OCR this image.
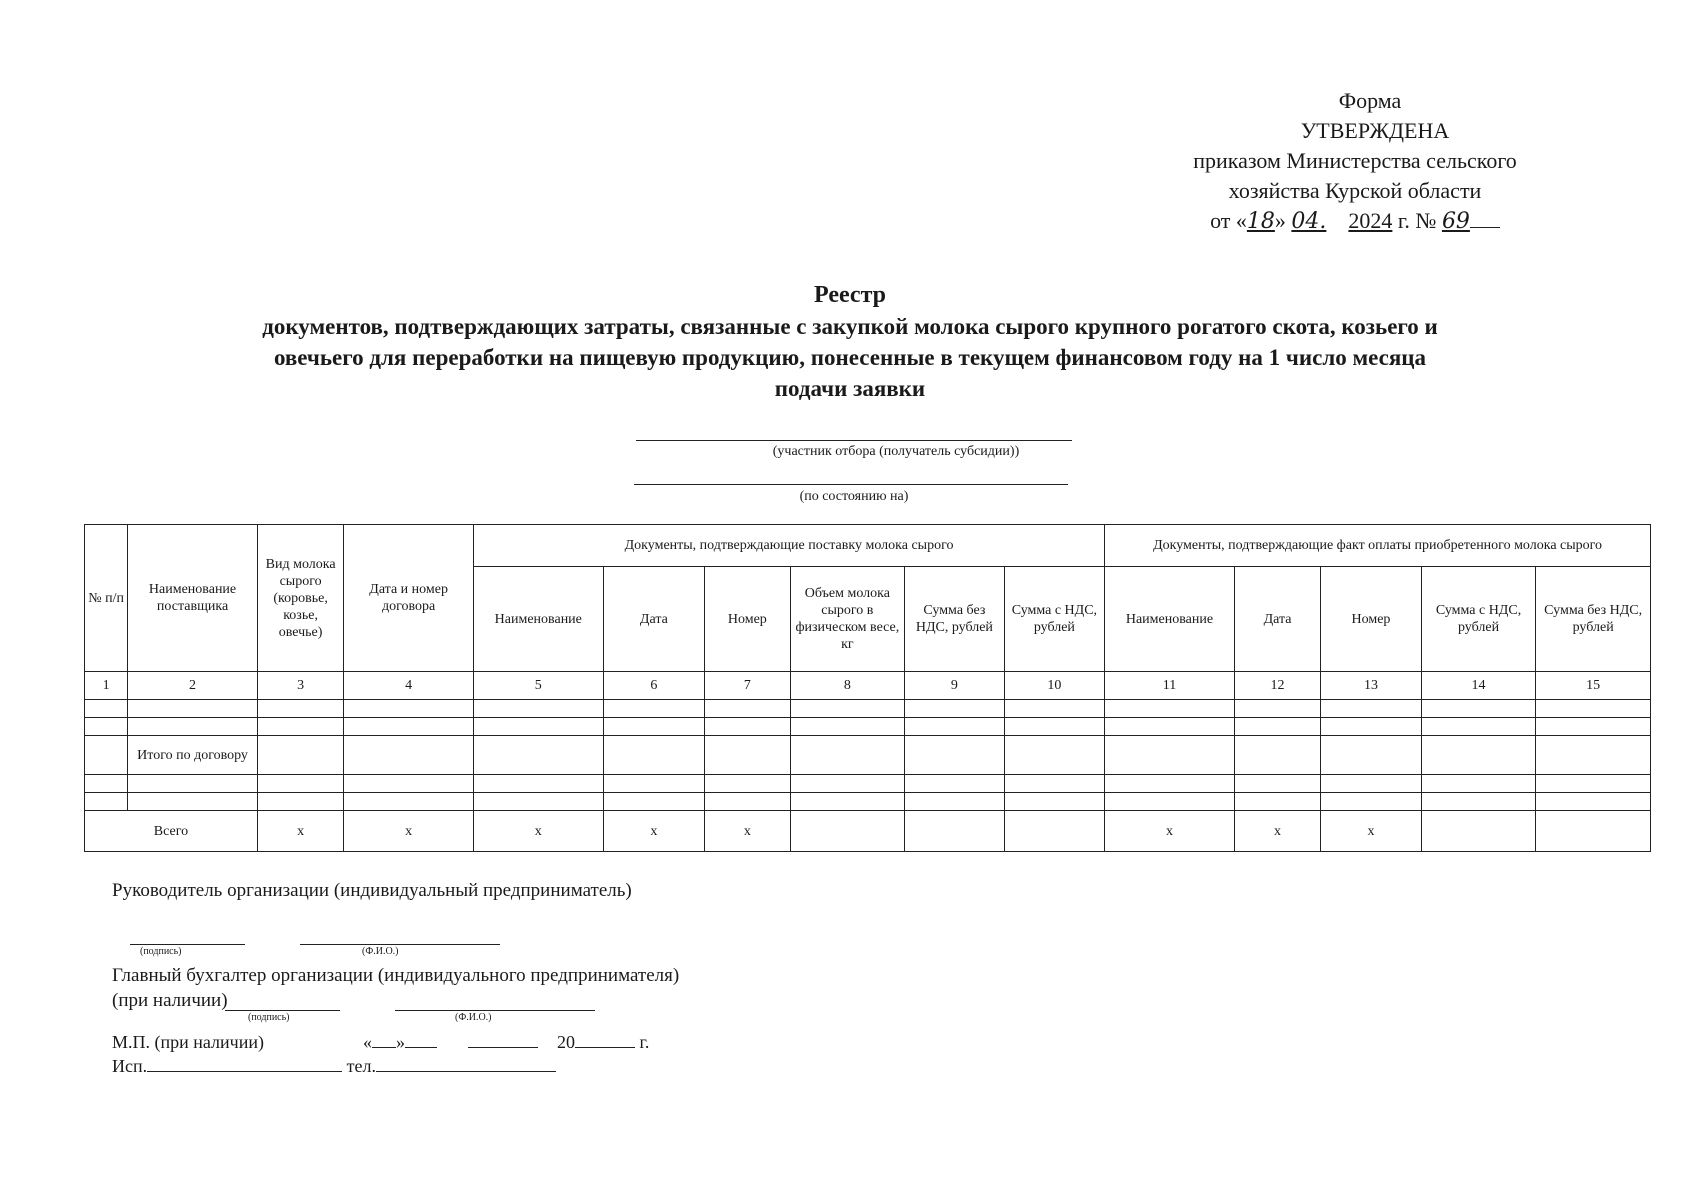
Форма
УТВЕРЖДЕНА
приказом Министерства сельского
хозяйства Курской области
от «18» 04. 2024 г. № 69
Реестр
документов, подтверждающих затраты, связанные с закупкой молока сырого крупного рогатого скота, козьего и
овечьего для переработки на пищевую продукцию, понесенные в текущем финансовом году на 1 число месяца
подачи заявки
(участник отбора (получатель субсидии))
(по состоянию на)
№ п/п	Наименование поставщика	Вид молока сырого (коровье, козье, овечье)	Дата и номер договора	Документы, подтверждающие поставку молока сырого						Документы, подтверждающие факт оплаты приобретенного молока сырого				
				Наименование	Дата	Номер	Объем молока сырого в физическом весе, кг	Сумма без НДС, рублей	Сумма с НДС, рублей	Наименование	Дата	Номер	Сумма с НДС, рублей	Сумма без НДС, рублей
1	2	3	4	5	6	7	8	9	10	11	12	13	14	15

	Итого по договору													

Всего		х	х	х	х	х				х	х	х		
Руководитель организации (индивидуальный предприниматель)
(подпись)	(Ф.И.О.)
Главный бухгалтер организации (индивидуального предпринимателя)
(при наличии)
(подпись)	(Ф.И.О.)
М.П. (при наличии)	« »	20	г.
Исп.	тел.
